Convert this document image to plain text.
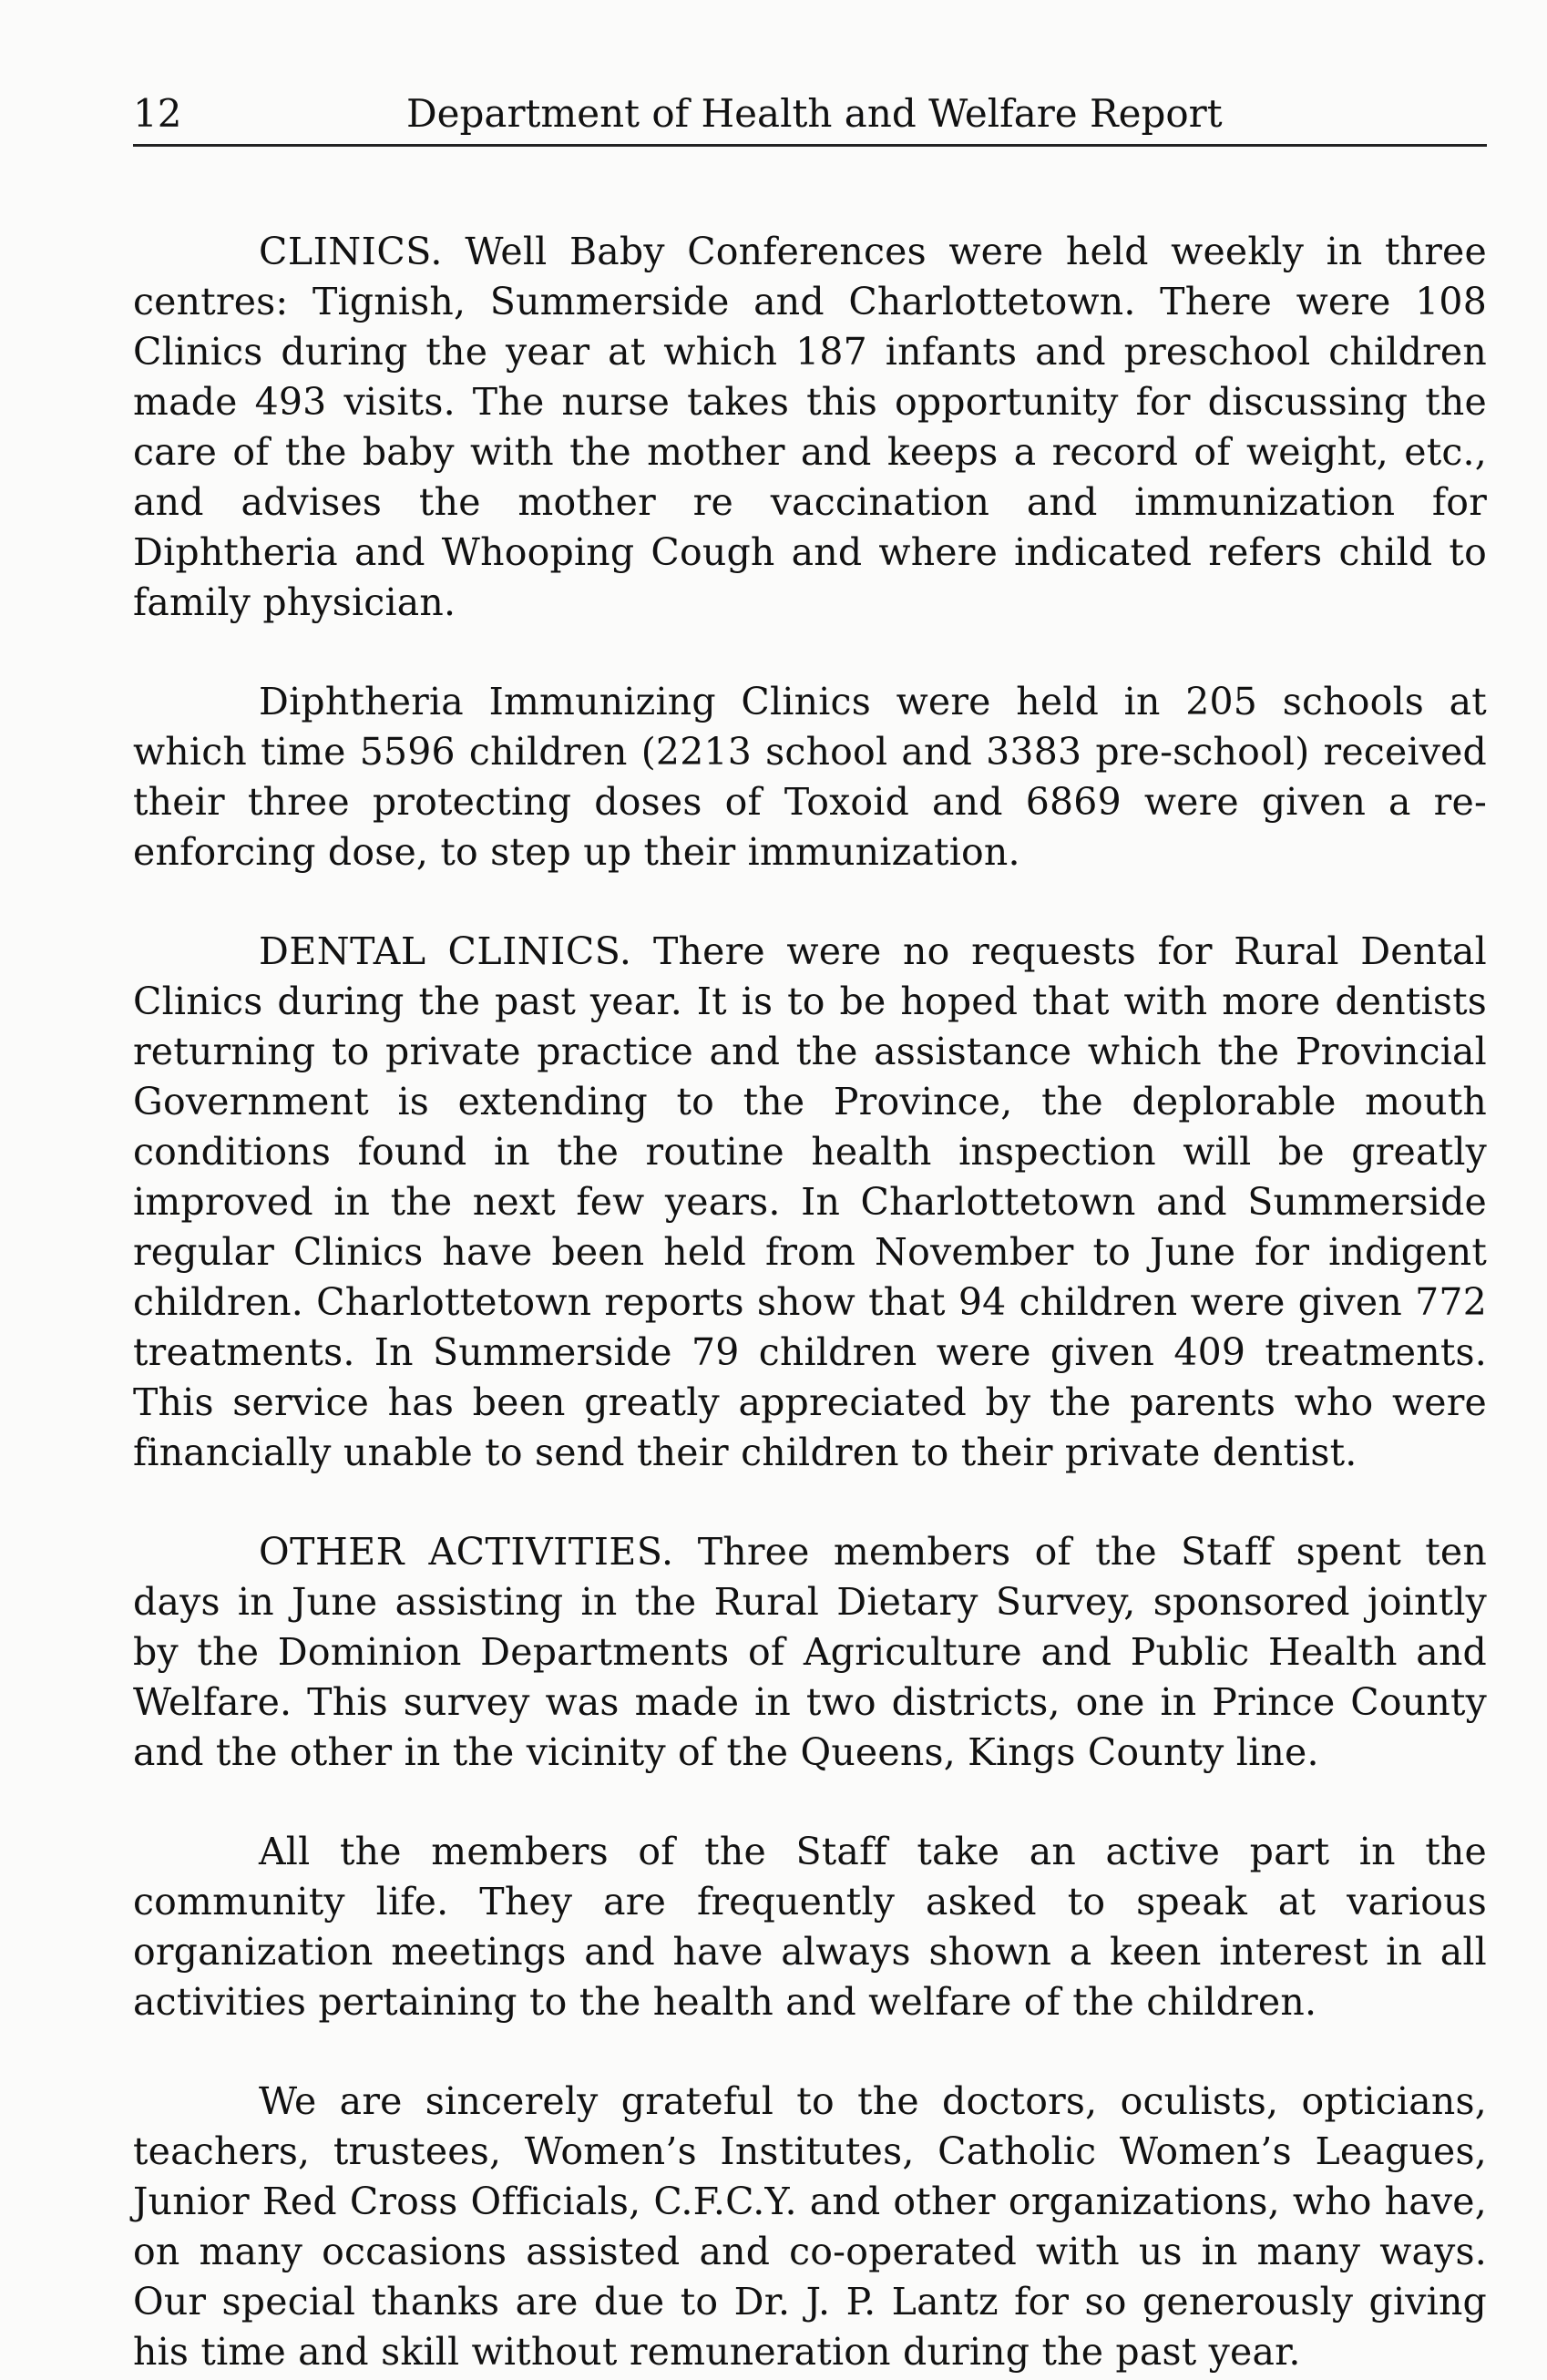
12	Department of Health and Welfare Report

CLINICS. Well Baby Conferences were held weekly in three centres: Tignish, Summerside and Charlottetown. There were 108 Clinics during the year at which 187 infants and preschool children made 493 visits. The nurse takes this opportunity for discussing the care of the baby with the mother and keeps a record of weight, etc., and advises the mother re vaccination and immunization for Diphtheria and Whooping Cough and where indicated refers child to family physician.

Diphtheria Immunizing Clinics were held in 205 schools at which time 5596 children (2213 school and 3383 pre-school) received their three protecting doses of Toxoid and 6869 were given a re-enforcing dose, to step up their immunization.

DENTAL CLINICS. There were no requests for Rural Dental Clinics during the past year. It is to be hoped that with more dentists returning to private practice and the assistance which the Provincial Government is extending to the Province, the deplorable mouth conditions found in the routine health inspection will be greatly improved in the next few years. In Charlottetown and Summerside regular Clinics have been held from November to June for indigent children. Charlottetown reports show that 94 children were given 772 treatments. In Summerside 79 children were given 409 treatments. This service has been greatly appreciated by the parents who were financially unable to send their children to their private dentist.

OTHER ACTIVITIES. Three members of the Staff spent ten days in June assisting in the Rural Dietary Survey, sponsored jointly by the Dominion Departments of Agriculture and Public Health and Welfare. This survey was made in two districts, one in Prince County and the other in the vicinity of the Queens, Kings County line.

All the members of the Staff take an active part in the community life. They are frequently asked to speak at various organization meetings and have always shown a keen interest in all activities pertaining to the health and welfare of the children.

We are sincerely grateful to the doctors, oculists, opticians, teachers, trustees, Women’s Institutes, Catholic Women’s Leagues, Junior Red Cross Officials, C.F.C.Y. and other organizations, who have, on many occasions assisted and co-operated with us in many ways. Our special thanks are due to Dr. J. P. Lantz for so generously giving his time and skill without remuneration during the past year.
